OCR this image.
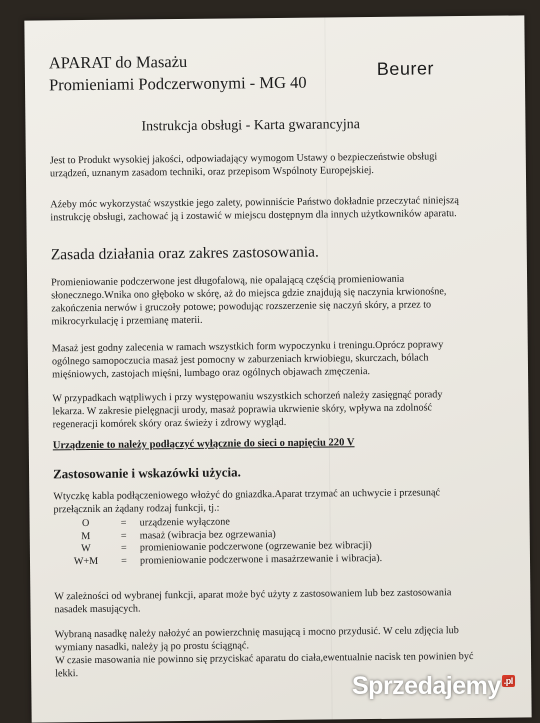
APARAT do Masażu
Promieniami Podczerwonymi - MG 40
Beurer
Instrukcja obsługi - Karta gwarancyjna

Jest to Produkt wysokiej jakości, odpowiadający wymogom Ustawy o bezpieczeństwie obsługi urządzeń, uznanym zasadom techniki, oraz przepisom Wspólnoty Europejskiej.

Aźeby móc wykorzystać wszystkie jego zalety, powinniście Państwo dokładnie przeczytać niniejszą instrukcję obsługi, zachować ją i zostawić w miejscu dostępnym dla innych użytkowników aparatu.

Zasada działania oraz zakres zastosowania.

Promieniowanie podczerwone jest długofalową, nie opalającą częścią promieniowania słonecznego.Wnika ono głęboko w skórę, aż do miejsca gdzie znajdują się naczynia krwionośne, zakończenia nerwów i gruczoły potowe; powodując rozszerzenie się naczyń skóry, a przez to mikrocyrkulację i przemianę materii.

Masaż jest godny zalecenia w ramach wszystkich form wypoczynku i treningu.Oprócz poprawy ogólnego samopoczucia masaż jest pomocny w zaburzeniach krwiobiegu, skurczach, bólach mięśniowych, zastojach mięśni, lumbago oraz ogólnych objawach zmęczenia.

W przypadkach wątpliwych i przy występowaniu wszystkich schorzeń należy zasięgnąć porady lekarza. W zakresie pielęgnacji urody, masaż poprawia ukrwienie skóry, wpływa na zdolność regeneracji komórek skóry oraz świeży i zdrowy wygląd.

Urządzenie to należy podłączyć wyłącznie do sieci o napięciu 220 V
Zastosowanie i wskazówki użycia.

Wtyczkę kabla podłączeniowego włożyć do gniazdka.Aparat trzymać an uchwycie i przesunąć przełącznik an żądany rodzaj funkcji, tj.:

O	=	urządzenie wyłączone
M	=	masaż (wibracja bez ogrzewania)
W	=	promieniowanie podczerwone (ogrzewanie bez wibracji)
W+M	=	promieniowanie podczerwone i masażrzewanie i wibracja).

W zależności od wybranej funkcji, aparat może być użyty z zastosowaniem lub bez zastosowania nasadek masujących.

Wybraną nasadkę należy nałożyć an powierzchnię masującą i mocno przydusić. W celu zdjęcia lub wymiany nasadki, należy ją po prostu ściągnąć.

W czasie masowania nie powinno się przyciskać aparatu do ciała,ewentualnie nacisk ten powinien być lekki.	Sprzedajemy .pl
